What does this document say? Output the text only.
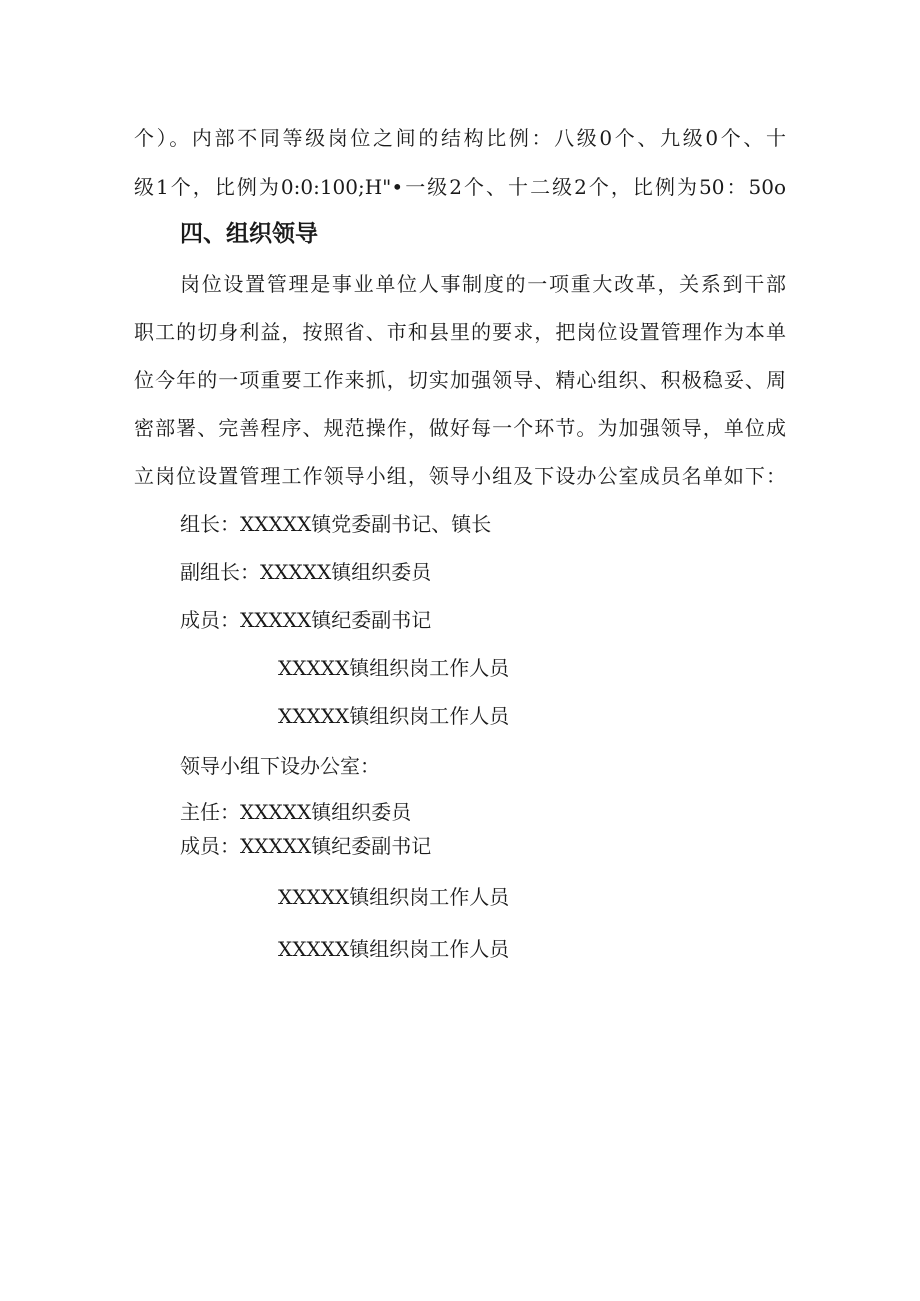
个）。内部不同等级岗位之间的结构比例：八级0个、九级0个、十
级1个，比例为0:0:100;H"•一级2个、十二级2个，比例为50：50o
四、组织领导
岗位设置管理是事业单位人事制度的一项重大改革，关系到干部
职工的切身利益，按照省、市和县里的要求，把岗位设置管理作为本单
位今年的一项重要工作来抓，切实加强领导、精心组织、积极稳妥、周
密部署、完善程序、规范操作，做好每一个环节。为加强领导，单位成
立岗位设置管理工作领导小组，领导小组及下设办公室成员名单如下：
组长：XXXXX镇党委副书记、镇长
副组长：XXXXX镇组织委员
成员：XXXXX镇纪委副书记
XXXXX镇组织岗工作人员
XXXXX镇组织岗工作人员
领导小组下设办公室：
主任：XXXXX镇组织委员
成员：XXXXX镇纪委副书记
XXXXX镇组织岗工作人员
XXXXX镇组织岗工作人员
